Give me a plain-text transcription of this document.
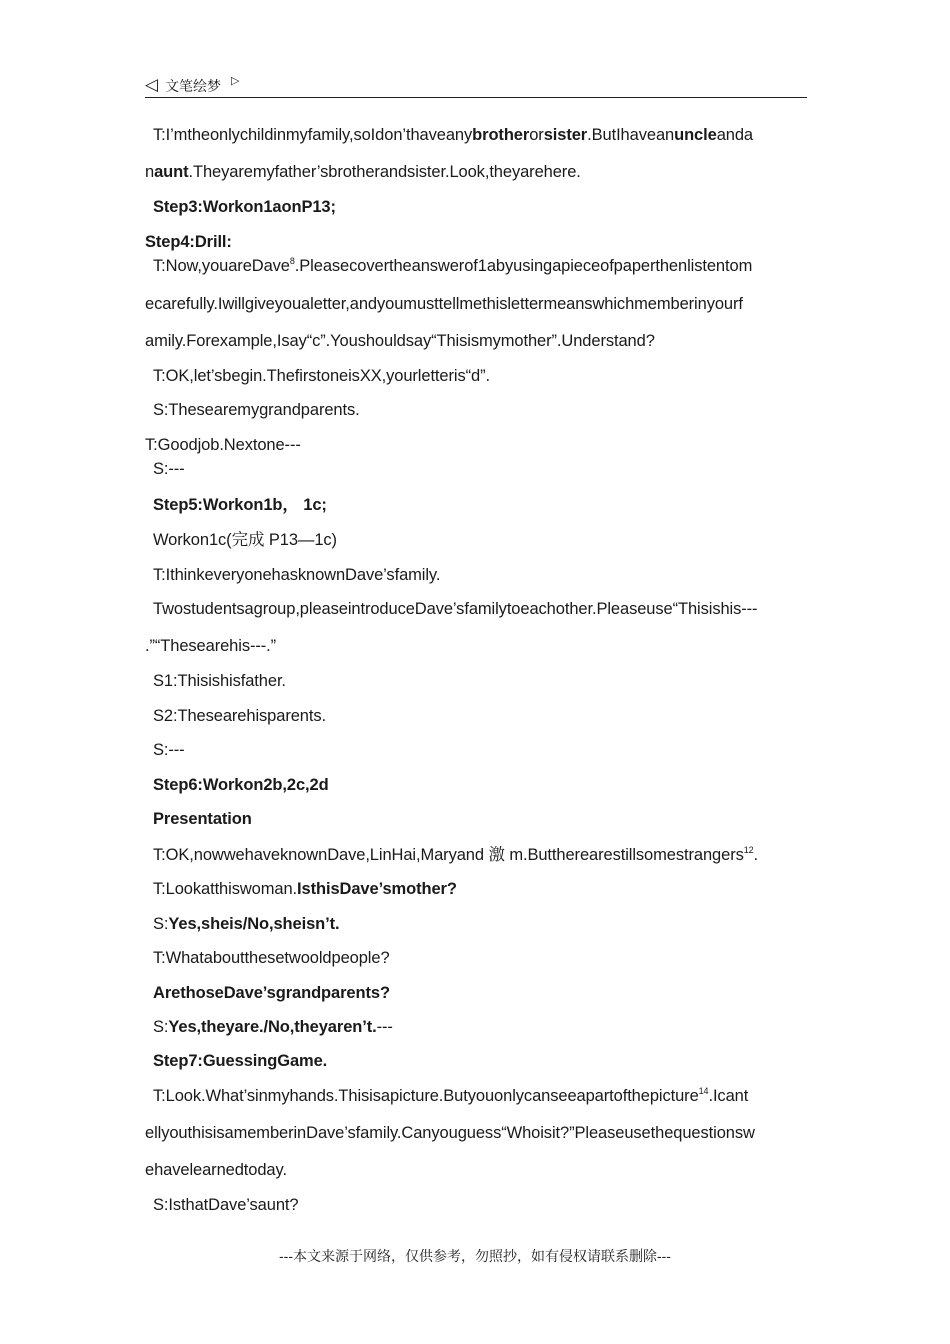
◁ 文笔绘梦 ▷
T:I’mtheonlychildinmyfamily,soIdon’thaveanybrotherorsister.ButIhaveanuncleanda
naunt.Theyaremyfather’sbrotherandsister.Look,theyarehere.
Step3:Workon1aonP13;
Step4:Drill:
T:Now,youareDave$^8$.Pleasecovertheanswerof1abyusingapieceofpaperthenlistentom
ecarefully.Iwillgiveyoualetter,andyoumusttellmethislettermeanswhichmemberinyourf
amily.Forexample,Isay“c”.Youshouldsay“Thisismymother”.Understand?
T:OK,let’sbegin.ThefirstoneisXX,yourletteris“d”.
S:Thesearemygrandparents.
T:Goodjob.Nextone---
S:---
Step5:Workon1b， 1c;
Workon1c(完成 P13—1c)
T:IthinkeveryonehasknownDave’sfamily.
Twostudentsagroup,pleaseintroduceDave’sfamilytoeachother.Pleaseuse“Thisishis---
.”“Thesearehis---.”
S1:Thisishisfather.
S2:Thesearehisparents.
S:---
Step6:Workon2b,2c,2d
Presentation
T:OK,nowwehaveknownDave,LinHai,Maryand 激 m.Buttherearestillsomestrangers$^{12}$.
T:Lookatthiswoman.IsthisDave’smother?
S:Yes,sheis/No,sheisn’t.
T:Whataboutthesetwooldpeople?
ArethoseDave’sgrandparents?
S:Yes,theyare./No,theyaren’t.---
Step7:GuessingGame.
T:Look.What’sinmyhands.Thisisapicture.Butyouonlycanseeapartofthepicture$^{14}$.Icant
ellyouthisisamemberinDave’sfamily.Canyouguess“Whoisit?”Pleaseusethequestionsw
ehavelearnedtoday.
S:IsthatDave’saunt?
---本文来源于网络，仅供参考，勿照抄，如有侵权请联系删除---
